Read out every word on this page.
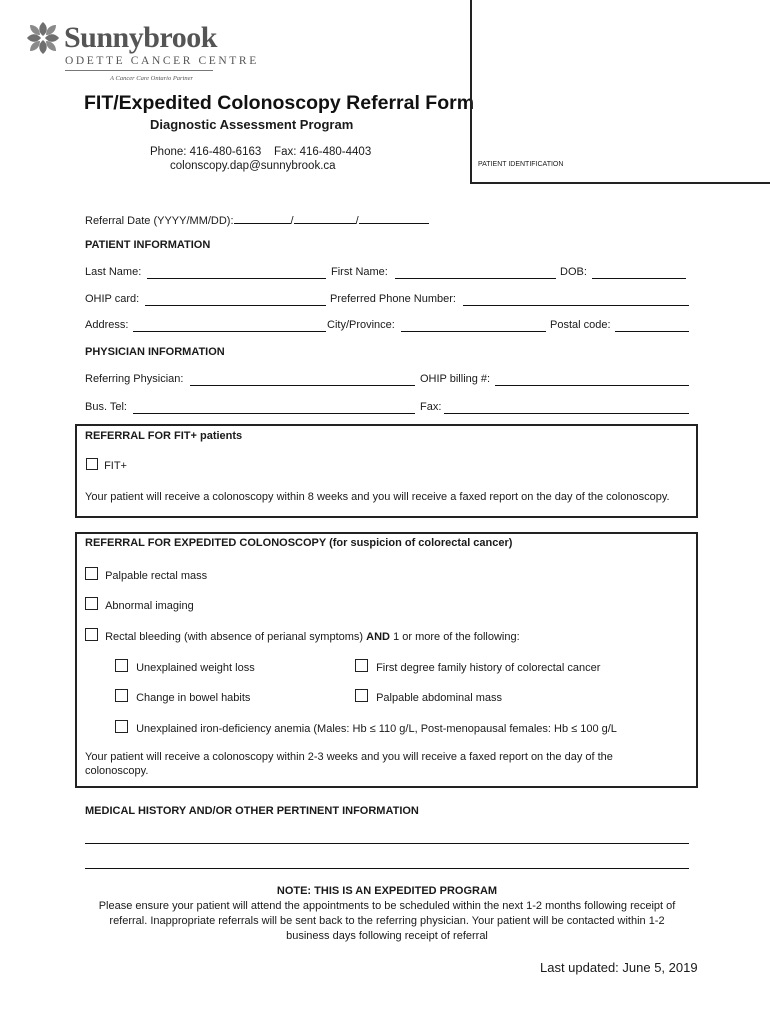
Sunnybrook
ODETTE CANCER CENTRE
A Cancer Care Ontario Partner
FIT/Expedited Colonoscopy Referral Form
Diagnostic Assessment Program
Phone: 416-480-6163    Fax: 416-480-4403
colonscopy.dap@sunnybrook.ca	PATIENT IDENTIFICATION
Referral Date (YYYY/MM/DD):	/	/
PATIENT INFORMATION
Last Name:	First Name:	DOB:
OHIP card:	Preferred Phone Number:
Address:	City/Province:	Postal code:
PHYSICIAN INFORMATION
Referring Physician:	OHIP billing #:
Bus. Tel:	Fax:
REFERRAL FOR FIT+ patients
FIT+
Your patient will receive a colonoscopy within 8 weeks and you will receive a faxed report on the day of the colonoscopy.
REFERRAL FOR EXPEDITED COLONOSCOPY (for suspicion of colorectal cancer)
Palpable rectal mass
Abnormal imaging
Rectal bleeding (with absence of perianal symptoms) AND 1 or more of the following:
Unexplained weight loss	First degree family history of colorectal cancer
Change in bowel habits	Palpable abdominal mass
Unexplained iron-deficiency anemia (Males: Hb ≤ 110 g/L, Post-menopausal females: Hb ≤ 100 g/L
Your patient will receive a colonoscopy within 2-3 weeks and you will receive a faxed report on the day of the
colonoscopy.
MEDICAL HISTORY AND/OR OTHER PERTINENT INFORMATION
NOTE: THIS IS AN EXPEDITED PROGRAM
Please ensure your patient will attend the appointments to be scheduled within the next 1-2 months following receipt of
referral. Inappropriate referrals will be sent back to the referring physician. Your patient will be contacted within 1-2
business days following receipt of referral
Last updated: June 5, 2019
